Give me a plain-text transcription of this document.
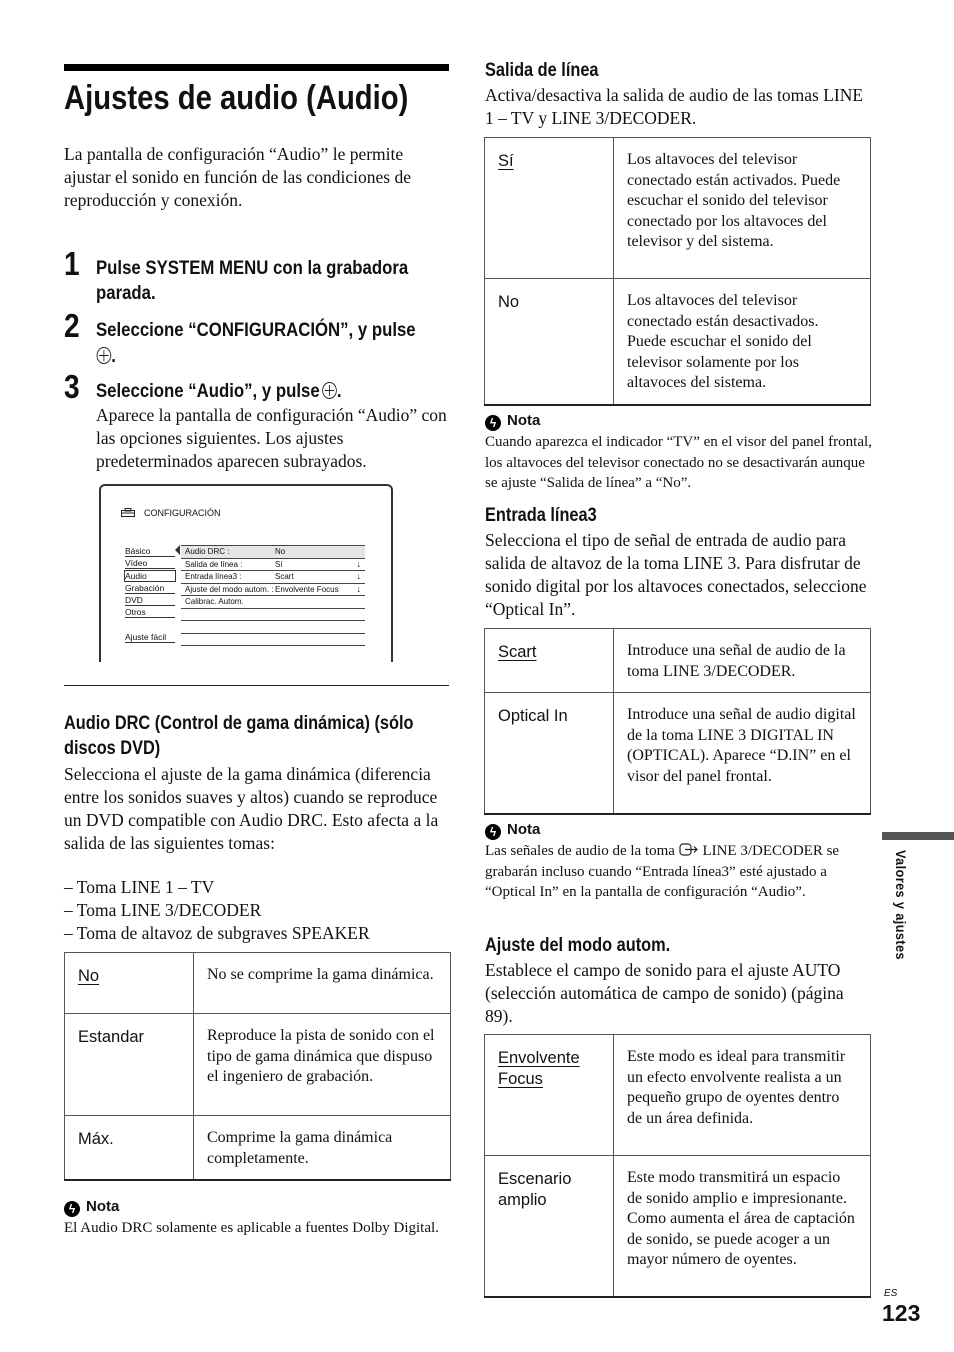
Ajustes de audio (Audio)
La pantalla de configuración “Audio” le permite ajustar el sonido en función de las condiciones de reproducción y conexión.
1 Pulse SYSTEM MENU con la grabadora parada.
2 Seleccione “CONFIGURACIÓN”, y pulse
.
3 Seleccione “Audio”, y pulse .
Aparece la pantalla de configuración “Audio” con las opciones siguientes. Los ajustes predeterminados aparecen subrayados.
CONFIGURACIÓN
Básico
Vídeo
Audio
Grabación
DVD
Otros
Ajuste fácil
Audio DRC :	No
Salida de línea :	Sí	↓
Entrada línea3 :	Scart	↓
Ajuste del modo autom. : Envolvente Focus ↓
Calibrac. Autom.
Audio DRC (Control de gama dinámica) (sólo discos DVD)
Selecciona el ajuste de la gama dinámica (diferencia entre los sonidos suaves y altos) cuando se reproduce un DVD compatible con Audio DRC. Esto afecta a la salida de las siguientes tomas:
– Toma LINE 1 – TV
– Toma LINE 3/DECODER
– Toma de altavoz de subgraves SPEAKER
No	No se comprime la gama dinámica.
Estandar	Reproduce la pista de sonido con el tipo de gama dinámica que dispuso el ingeniero de grabación.
Máx.	Comprime la gama dinámica completamente.
ϟ Nota
El Audio DRC solamente es aplicable a fuentes Dolby Digital.
Salida de línea
Activa/desactiva la salida de audio de las tomas LINE 1 – TV y LINE 3/DECODER.
Sí	Los altavoces del televisor conectado están activados. Puede escuchar el sonido del televisor conectado por los altavoces del televisor y del sistema.
No	Los altavoces del televisor conectado están desactivados. Puede escuchar el sonido del televisor solamente por los altavoces del sistema.
ϟ Nota
Cuando aparezca el indicador “TV” en el visor del panel frontal, los altavoces del televisor conectado no se desactivarán aunque se ajuste “Salida de línea” a “No”.
Entrada línea3
Selecciona el tipo de señal de entrada de audio para salida de altavoz de la toma LINE 3. Para disfrutar de sonido digital por los altavoces conectados, seleccione “Optical In”.
Scart	Introduce una señal de audio de la toma LINE 3/DECODER.
Optical In	Introduce una señal de audio digital de la toma LINE 3 DIGITAL IN (OPTICAL). Aparece “D.IN” en el visor del panel frontal.
ϟ Nota
Las señales de audio de la toma LINE 3/DECODER se grabarán incluso cuando “Entrada línea3” esté ajustado a “Optical In” en la pantalla de configuración “Audio”.
Ajuste del modo autom.
Establece el campo de sonido para el ajuste AUTO (selección automática de campo de sonido) (página 89).
Envolvente Focus	Este modo es ideal para transmitir un efecto envolvente realista a un pequeño grupo de oyentes dentro de un área definida.
Escenario amplio	Este modo transmitirá un espacio de sonido amplio e impresionante. Como aumenta el área de captación de sonido, se puede acoger a un mayor número de oyentes.
Valores y ajustes
ES
123
